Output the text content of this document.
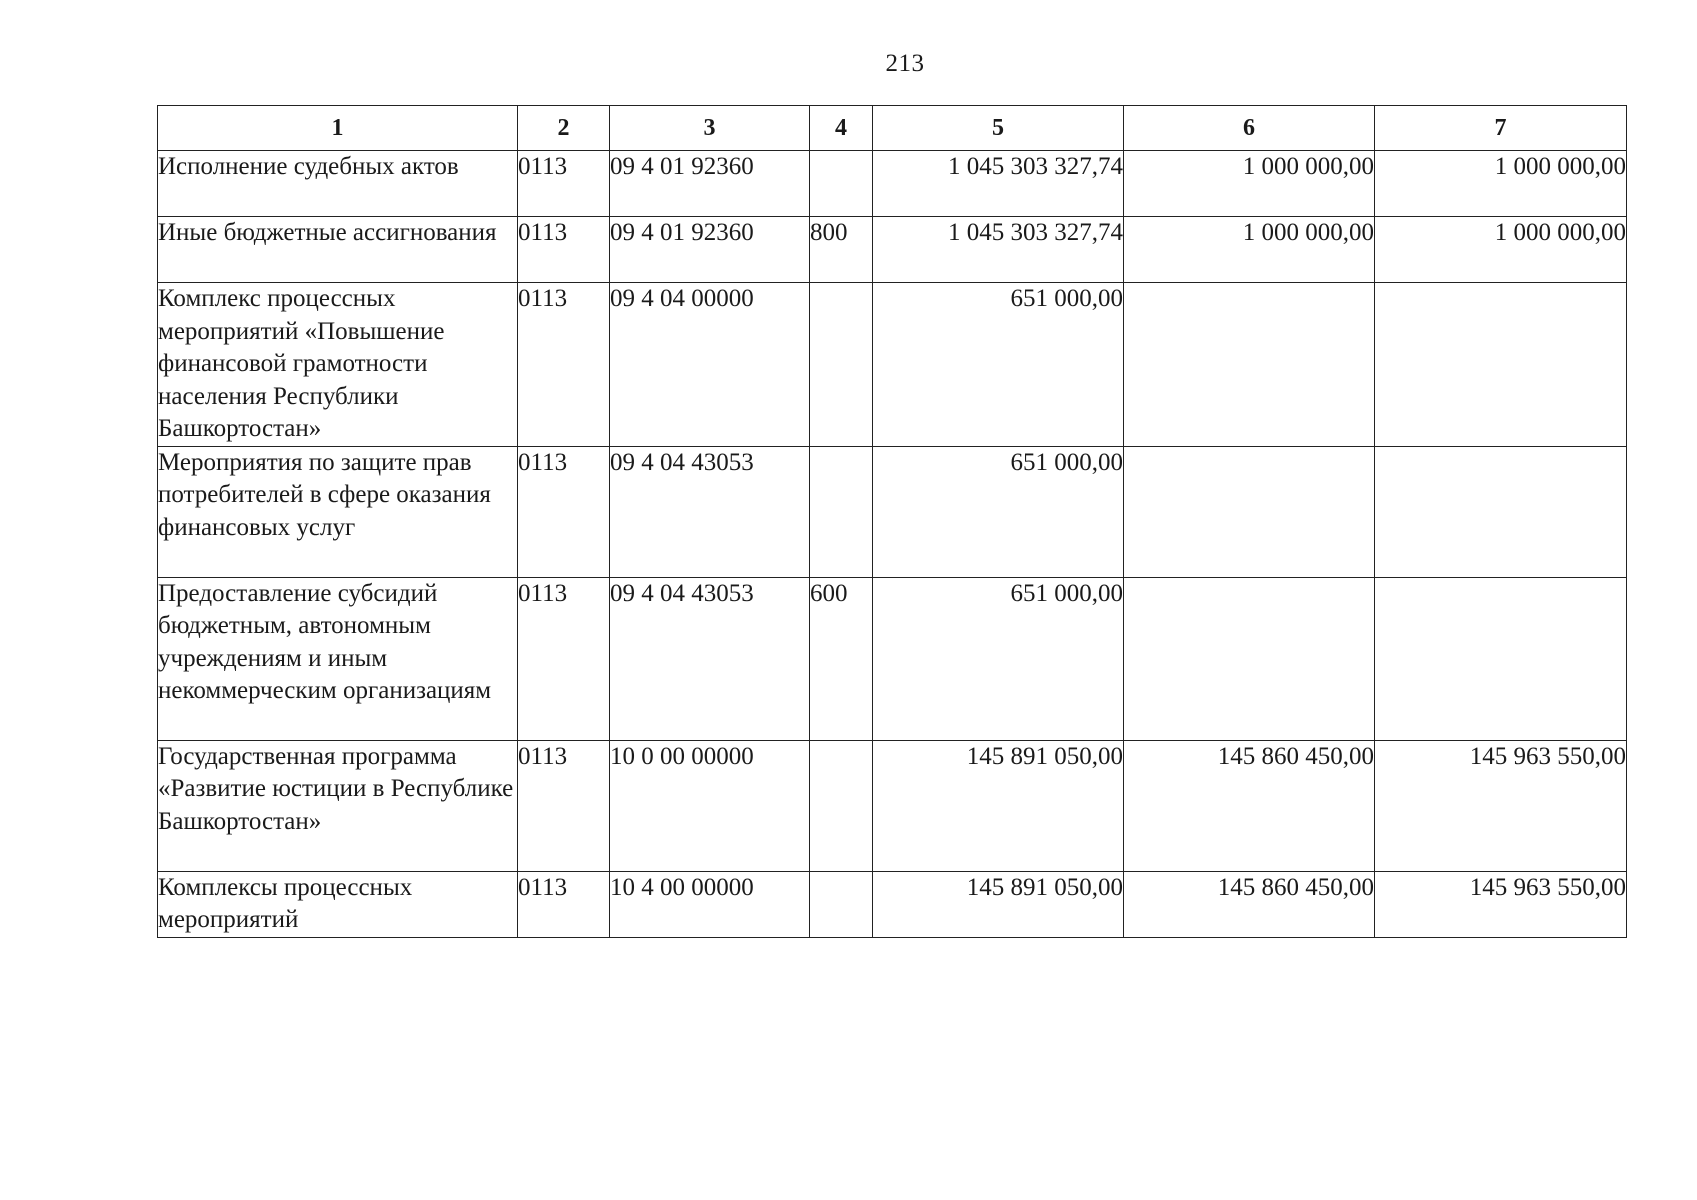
213
1	2	3	4	5	6	7
Исполнение судебных актов	0113	09 4 01 92360		1 045 303 327,74	1 000 000,00	1 000 000,00
Иные бюджетные ассигнования	0113	09 4 01 92360	800	1 045 303 327,74	1 000 000,00	1 000 000,00
Комплекс процессных мероприятий «Повышение финансовой грамотности населения Республики Башкортостан»	0113	09 4 04 00000		651 000,00		
Мероприятия по защите прав потребителей в сфере оказания финансовых услуг	0113	09 4 04 43053		651 000,00		
Предоставление субсидий бюджетным, автономным учреждениям и иным некоммерческим организациям	0113	09 4 04 43053	600	651 000,00		
Государственная программа «Развитие юстиции в Республике Башкортостан»	0113	10 0 00 00000		145 891 050,00	145 860 450,00	145 963 550,00
Комплексы процессных мероприятий	0113	10 4 00 00000		145 891 050,00	145 860 450,00	145 963 550,00
